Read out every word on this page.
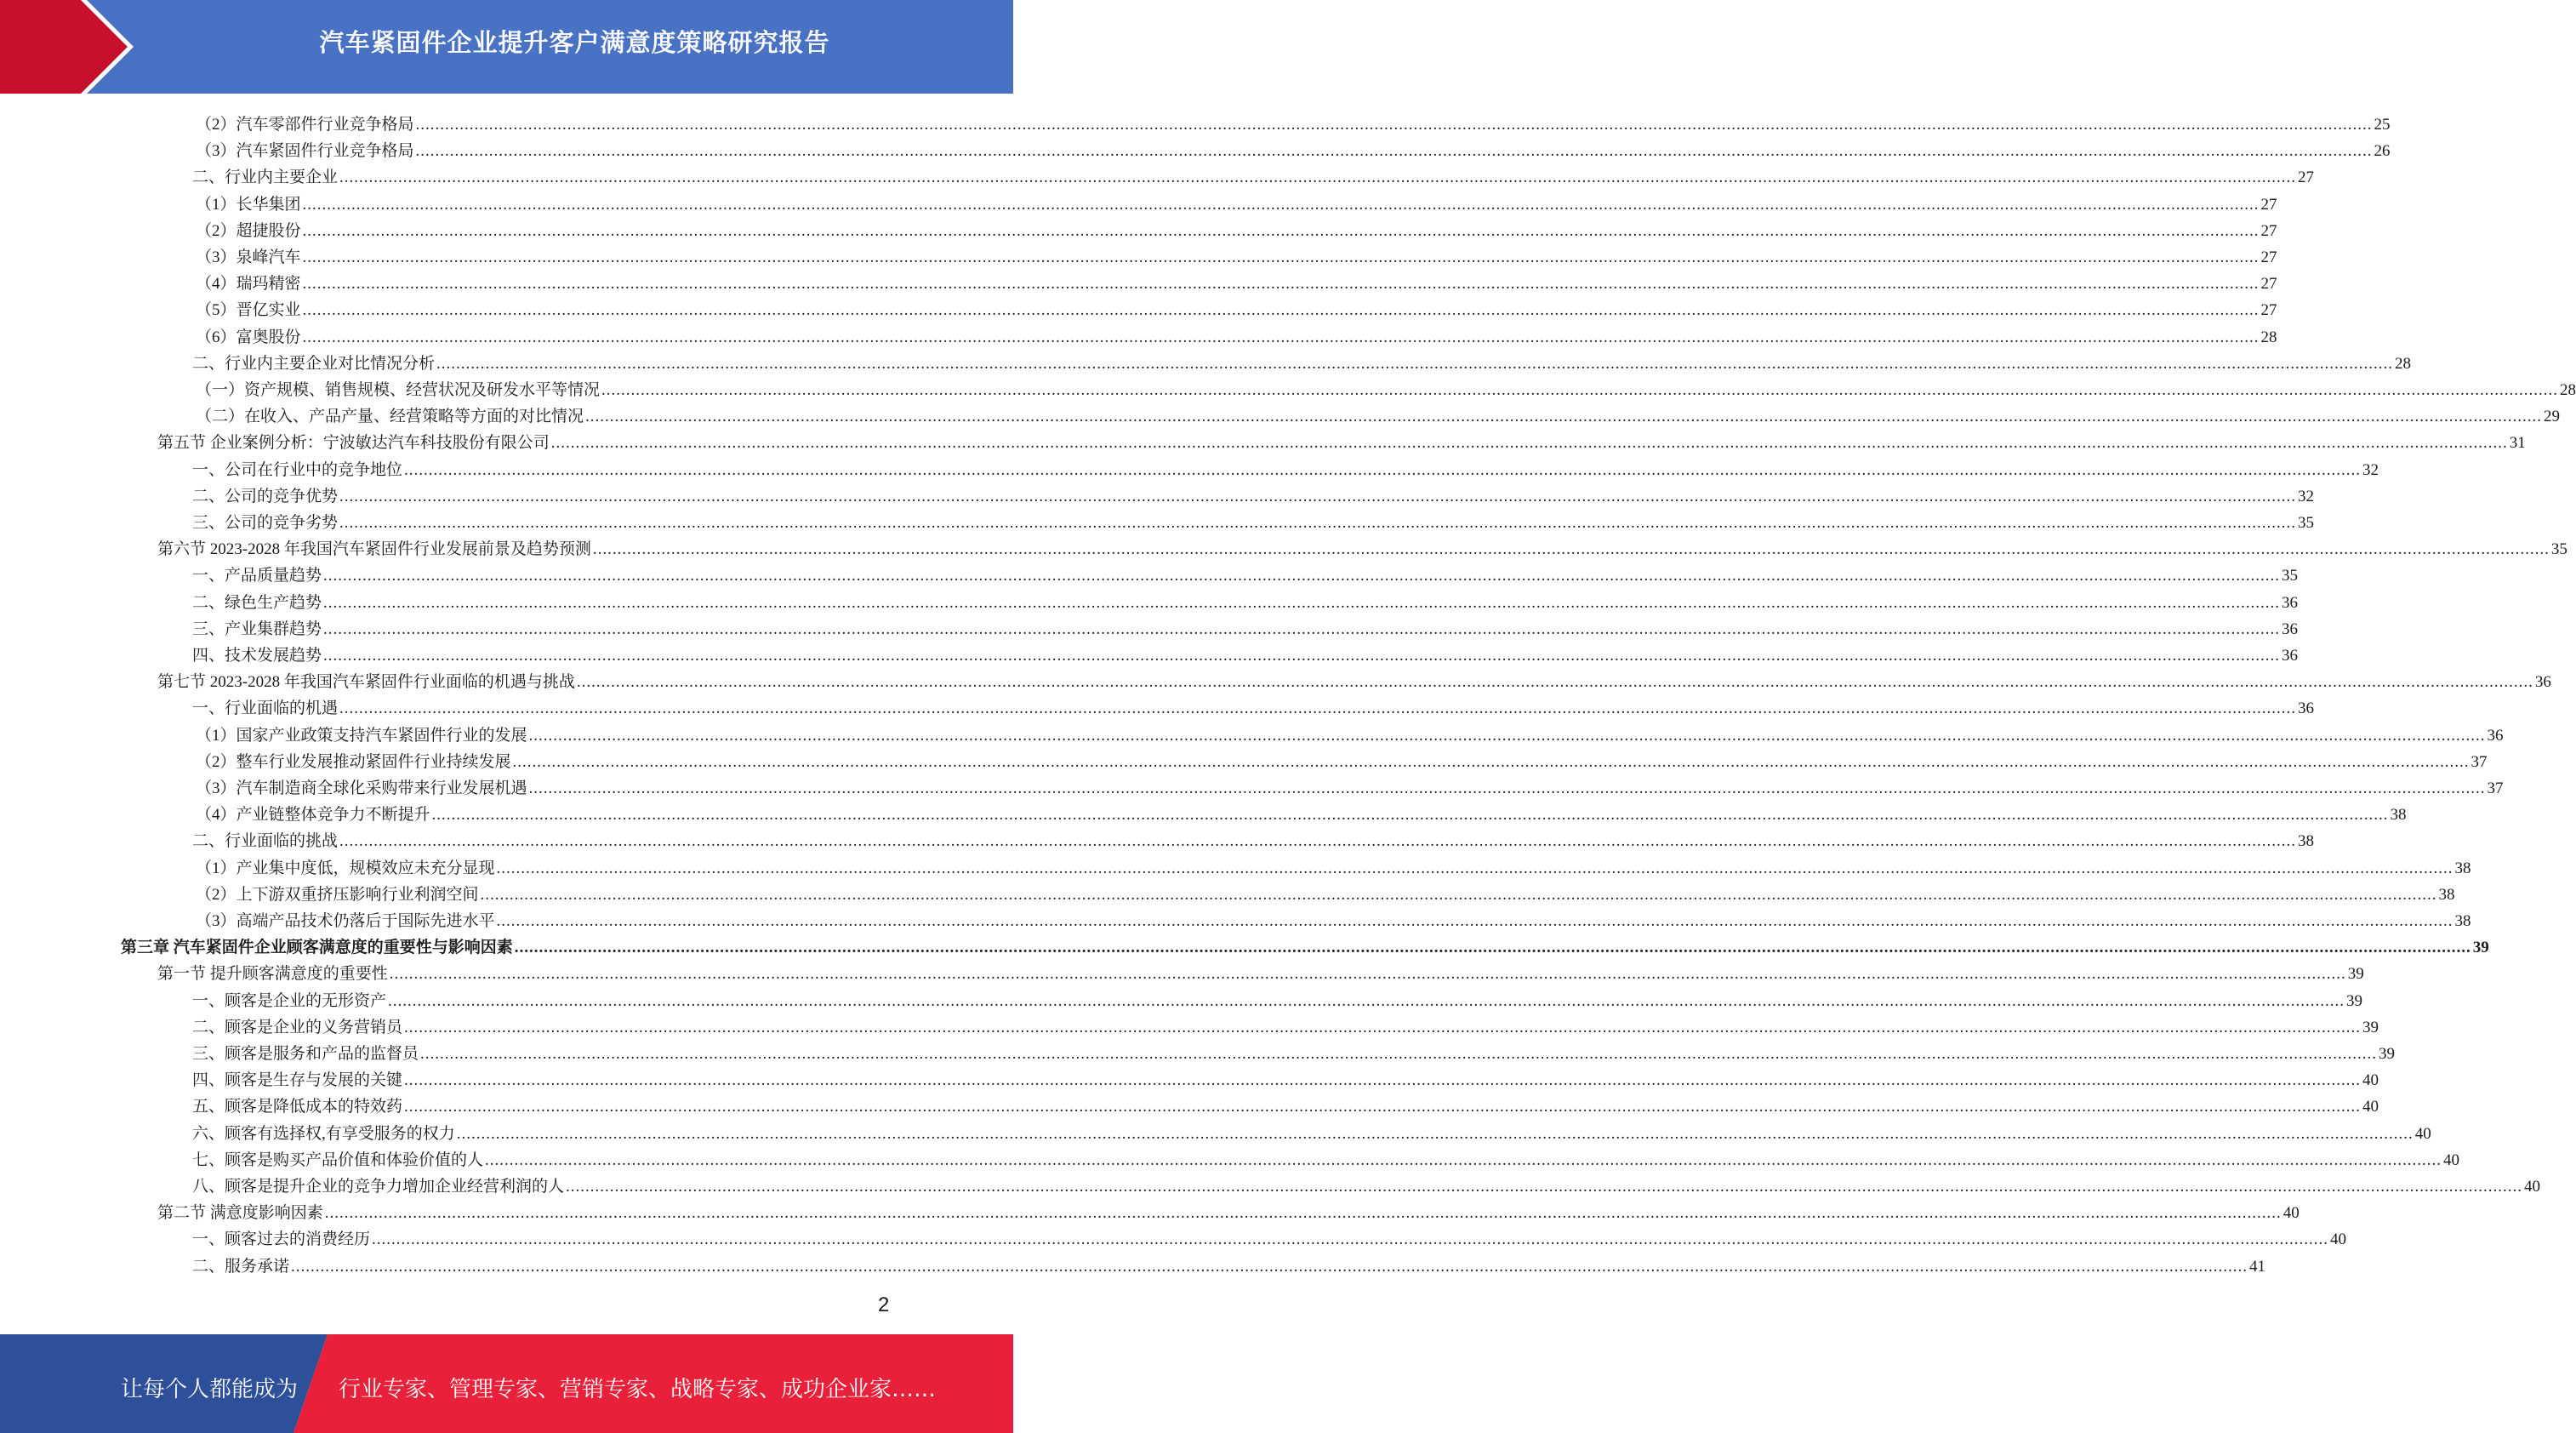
汽车紧固件企业提升客户满意度策略研究报告
（2）汽车零部件行业竞争格局 ................................................................................................................................................................................................................................................................................................................................................................................................................ 25
（3）汽车紧固件行业竞争格局 ................................................................................................................................................................................................................................................................................................................................................................................................................ 26
二、行业内主要企业 ................................................................................................................................................................................................................................................................................................................................................................................................................ 27
（1）长华集团 ................................................................................................................................................................................................................................................................................................................................................................................................................ 27
（2）超捷股份 ................................................................................................................................................................................................................................................................................................................................................................................................................ 27
（3）泉峰汽车 ................................................................................................................................................................................................................................................................................................................................................................................................................ 27
（4）瑞玛精密 ................................................................................................................................................................................................................................................................................................................................................................................................................ 27
（5）晋亿实业 ................................................................................................................................................................................................................................................................................................................................................................................................................ 27
（6）富奥股份 ................................................................................................................................................................................................................................................................................................................................................................................................................ 28
二、行业内主要企业对比情况分析 ................................................................................................................................................................................................................................................................................................................................................................................................................ 28
（一）资产规模、销售规模、经营状况及研发水平等情况 ................................................................................................................................................................................................................................................................................................................................................................................................................ 28
（二）在收入、产品产量、经营策略等方面的对比情况 ................................................................................................................................................................................................................................................................................................................................................................................................................ 29
第五节 企业案例分析：宁波敏达汽车科技股份有限公司 ................................................................................................................................................................................................................................................................................................................................................................................................................ 31
一、公司在行业中的竞争地位 ................................................................................................................................................................................................................................................................................................................................................................................................................ 32
二、公司的竞争优势 ................................................................................................................................................................................................................................................................................................................................................................................................................ 32
三、公司的竞争劣势 ................................................................................................................................................................................................................................................................................................................................................................................................................ 35
第六节 2023-2028 年我国汽车紧固件行业发展前景及趋势预测 ................................................................................................................................................................................................................................................................................................................................................................................................................ 35
一、产品质量趋势 ................................................................................................................................................................................................................................................................................................................................................................................................................ 35
二、绿色生产趋势 ................................................................................................................................................................................................................................................................................................................................................................................................................ 36
三、产业集群趋势 ................................................................................................................................................................................................................................................................................................................................................................................................................ 36
四、技术发展趋势 ................................................................................................................................................................................................................................................................................................................................................................................................................ 36
第七节 2023-2028 年我国汽车紧固件行业面临的机遇与挑战 ................................................................................................................................................................................................................................................................................................................................................................................................................ 36
一、行业面临的机遇 ................................................................................................................................................................................................................................................................................................................................................................................................................ 36
（1）国家产业政策支持汽车紧固件行业的发展 ................................................................................................................................................................................................................................................................................................................................................................................................................ 36
（2）整车行业发展推动紧固件行业持续发展 ................................................................................................................................................................................................................................................................................................................................................................................................................ 37
（3）汽车制造商全球化采购带来行业发展机遇 ................................................................................................................................................................................................................................................................................................................................................................................................................ 37
（4）产业链整体竞争力不断提升 ................................................................................................................................................................................................................................................................................................................................................................................................................ 38
二、行业面临的挑战 ................................................................................................................................................................................................................................................................................................................................................................................................................ 38
（1）产业集中度低，规模效应未充分显现 ................................................................................................................................................................................................................................................................................................................................................................................................................ 38
（2）上下游双重挤压影响行业利润空间 ................................................................................................................................................................................................................................................................................................................................................................................................................ 38
（3）高端产品技术仍落后于国际先进水平 ................................................................................................................................................................................................................................................................................................................................................................................................................ 38
第三章 汽车紧固件企业顾客满意度的重要性与影响因素 ................................................................................................................................................................................................................................................................................................................................................................................................................ 39
第一节 提升顾客满意度的重要性 ................................................................................................................................................................................................................................................................................................................................................................................................................ 39
一、顾客是企业的无形资产 ................................................................................................................................................................................................................................................................................................................................................................................................................ 39
二、顾客是企业的义务营销员 ................................................................................................................................................................................................................................................................................................................................................................................................................ 39
三、顾客是服务和产品的监督员 ................................................................................................................................................................................................................................................................................................................................................................................................................ 39
四、顾客是生存与发展的关键 ................................................................................................................................................................................................................................................................................................................................................................................................................ 40
五、顾客是降低成本的特效药 ................................................................................................................................................................................................................................................................................................................................................................................................................ 40
六、顾客有选择权,有享受服务的权力 ................................................................................................................................................................................................................................................................................................................................................................................................................ 40
七、顾客是购买产品价值和体验价值的人 ................................................................................................................................................................................................................................................................................................................................................................................................................ 40
八、顾客是提升企业的竞争力增加企业经营利润的人 ................................................................................................................................................................................................................................................................................................................................................................................................................ 40
第二节 满意度影响因素 ................................................................................................................................................................................................................................................................................................................................................................................................................ 40
一、顾客过去的消费经历 ................................................................................................................................................................................................................................................................................................................................................................................................................ 40
二、服务承诺 ................................................................................................................................................................................................................................................................................................................................................................................................................ 41
2
让每个人都能成为 行业专家、管理专家、营销专家、战略专家、成功企业家……
